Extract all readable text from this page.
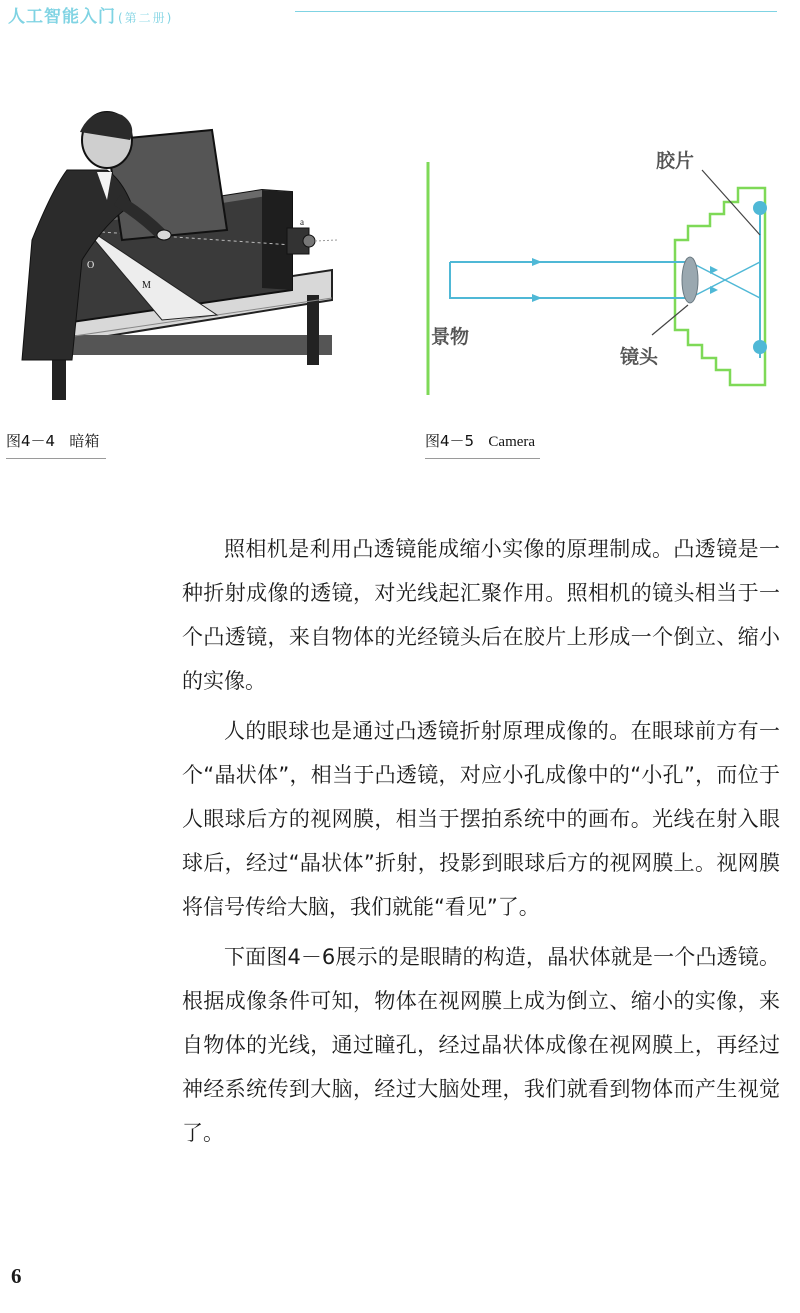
人工智能入门 (第二册)
O
M
a
胶片
景物
镜头
图4－4 暗箱	图4－5 Camera

照相机是利用凸透镜能成缩小实像的原理制成。凸透镜是一种折射成像的透镜，对光线起汇聚作用。照相机的镜头相当于一个凸透镜，来自物体的光经镜头后在胶片上形成一个倒立、缩小的实像。

人的眼球也是通过凸透镜折射原理成像的。在眼球前方有一个“晶状体”，相当于凸透镜，对应小孔成像中的“小孔”，而位于人眼球后方的视网膜，相当于摆拍系统中的画布。光线在射入眼球后，经过“晶状体”折射，投影到眼球后方的视网膜上。视网膜将信号传给大脑，我们就能“看见”了。

下面图4－6展示的是眼睛的构造，晶状体就是一个凸透镜。根据成像条件可知，物体在视网膜上成为倒立、缩小的实像，来自物体的光线，通过瞳孔，经过晶状体成像在视网膜上，再经过神经系统传到大脑，经过大脑处理，我们就看到物体而产生视觉了。

6
